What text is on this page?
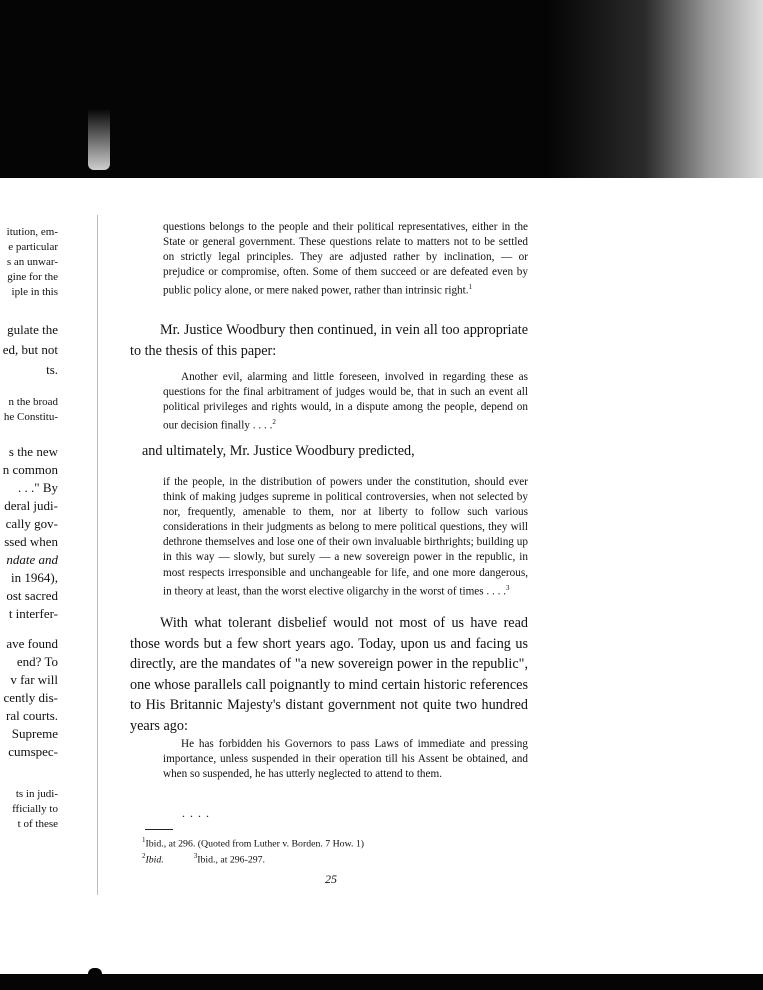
itution, em-
e particular
s an unwar-
gine for the
iple in this
gulate the
ed, but not
ts.
n the broad
he Constitu-
s the new
n common
. . ." By
deral judi-
cally gov-
ssed when
ndate and
in 1964),
ost sacred
t interfer-
ave found
end? To
v far will
cently dis-
ral courts.
Supreme
cumspec-
ts in judi-
fficially to
t of these

questions belongs to the people and their political representatives, either in the State or general government. These questions relate to matters not to be settled on strictly legal principles. They are adjusted rather by inclination, — or prejudice or compromise, often. Some of them succeed or are defeated even by public policy alone, or mere naked power, rather than intrinsic right.$^1$

Mr. Justice Woodbury then continued, in vein all too appropriate to the thesis of this paper:

Another evil, alarming and little foreseen, involved in regarding these as questions for the final arbitrament of judges would be, that in such an event all political privileges and rights would, in a dispute among the people, depend on our decision finally . . . .$^2$

and ultimately, Mr. Justice Woodbury predicted,

if the people, in the distribution of powers under the constitution, should ever think of making judges supreme in political controversies, when not selected by nor, frequently, amenable to them, nor at liberty to follow such various considerations in their judgments as belong to mere political questions, they will dethrone themselves and lose one of their own invaluable birthrights; building up in this way — slowly, but surely — a new sovereign power in the republic, in most respects irresponsible and unchangeable for life, and one more dangerous, in theory at least, than the worst elective oligarchy in the worst of times . . . .$^3$

With what tolerant disbelief would not most of us have read those words but a few short years ago. Today, upon us and facing us directly, are the mandates of "a new sovereign power in the republic", one whose parallels call poignantly to mind certain historic references to His Britannic Majesty's distant government not quite two hundred years ago:

He has forbidden his Governors to pass Laws of immediate and pressing importance, unless suspended in their operation till his Assent be obtained, and when so suspended, he has utterly neglected to attend to them.

. . . .
$^1$Ibid., at 296. (Quoted from Luther v. Borden. 7 How. 1)
$^2$Ibid.	$^3$Ibid., at 296-297.
25
